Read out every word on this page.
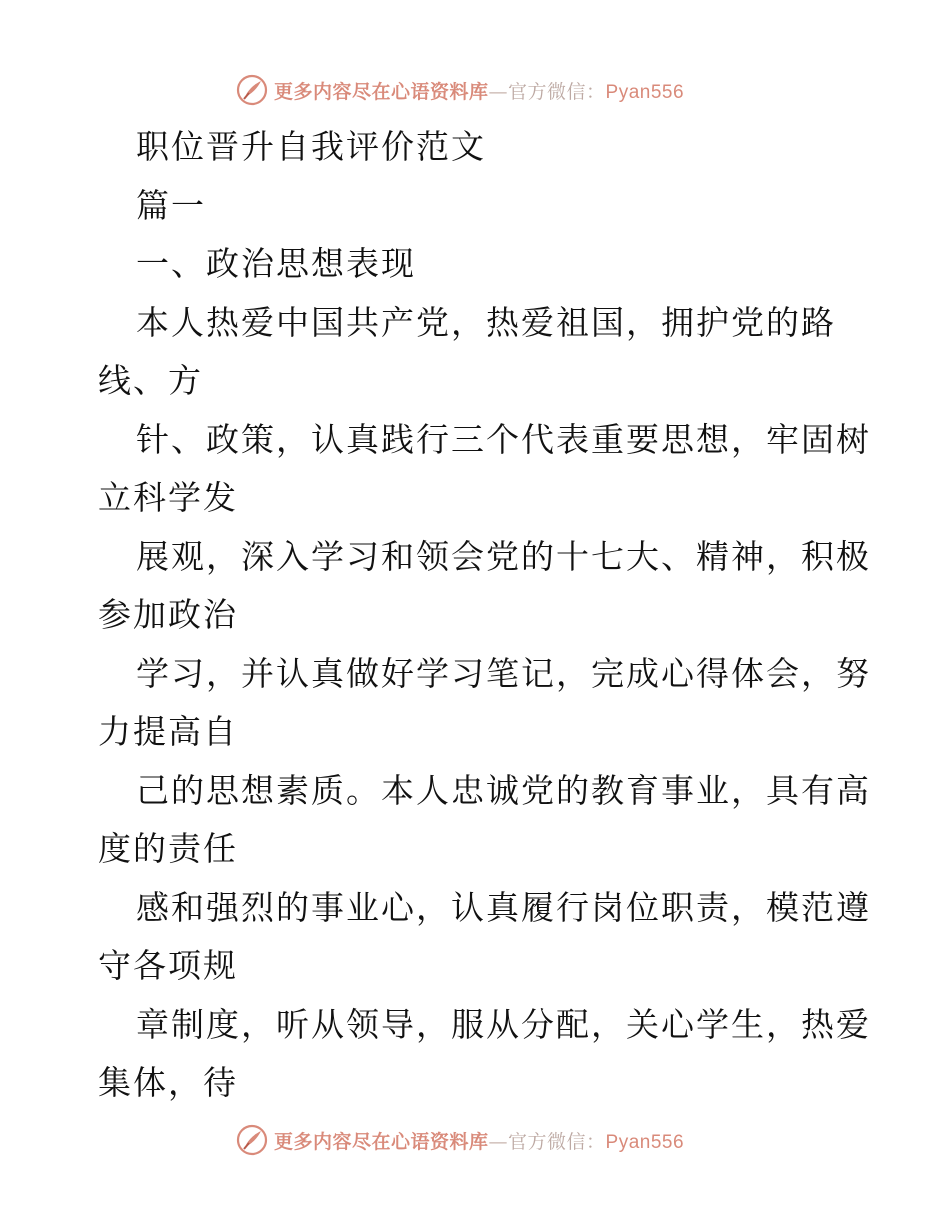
更多内容尽在心语资料库—官方微信：Pyan556
职位晋升自我评价范文
篇一
一、政治思想表现
本人热爱中国共产党，热爱祖国，拥护党的路
线、方
针、政策，认真践行三个代表重要思想，牢固树
立科学发
展观，深入学习和领会党的十七大、精神，积极
参加政治
学习，并认真做好学习笔记，完成心得体会，努
力提高自
己的思想素质。本人忠诚党的教育事业，具有高
度的责任
感和强烈的事业心，认真履行岗位职责，模范遵
守各项规
章制度，听从领导，服从分配，关心学生，热爱
集体，待
更多内容尽在心语资料库—官方微信：Pyan556
